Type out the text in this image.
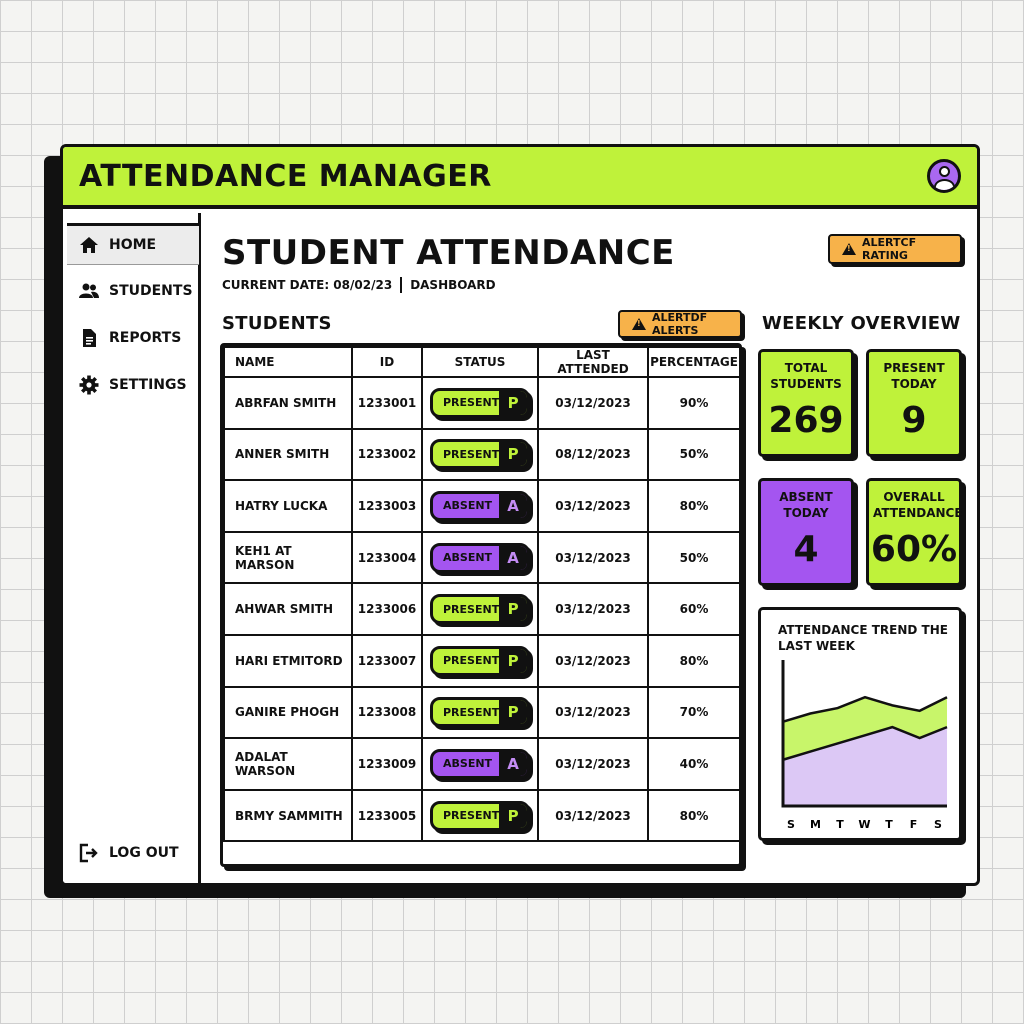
ATTENDANCE MANAGER
HOME
STUDENTS
REPORTS
SETTINGS
LOG OUT
STUDENT ATTENDANCE
CURRENT DATE: 08/02/23 DASHBOARD
!
ALERTCF RATING
STUDENTS !	ALERTDF ALERTS
NAME	ID	STATUS	LAST ATTENDED	PERCENTAGE
ABRFAN SMITH	1233001	PRESENT P	03/12/2023	90%
ANNER SMITH	1233002	PRESENT P	08/12/2023	50%
HATRY LUCKA	1233003	ABSENT A	03/12/2023	80%
KEH1 AT MARSON	1233004	ABSENT A	03/12/2023	50%
AHWAR SMITH	1233006	PRESENT P	03/12/2023	60%
HARI ETMITORD	1233007	PRESENT P	03/12/2023	80%
GANIRE PHOGH	1233008	PRESENT P	03/12/2023	70%
ADALAT WARSON	1233009	ABSENT A	03/12/2023	40%
BRMY SAMMITH	1233005	PRESENT P	03/12/2023	80%
WEEKLY OVERVIEW
TOTAL STUDENTS
269
PRESENT TODAY
9
ABSENT TODAY
4
OVERALL ATTENDANCE
60%
ATTENDANCE TREND THE LAST WEEK
S M T W T F S
